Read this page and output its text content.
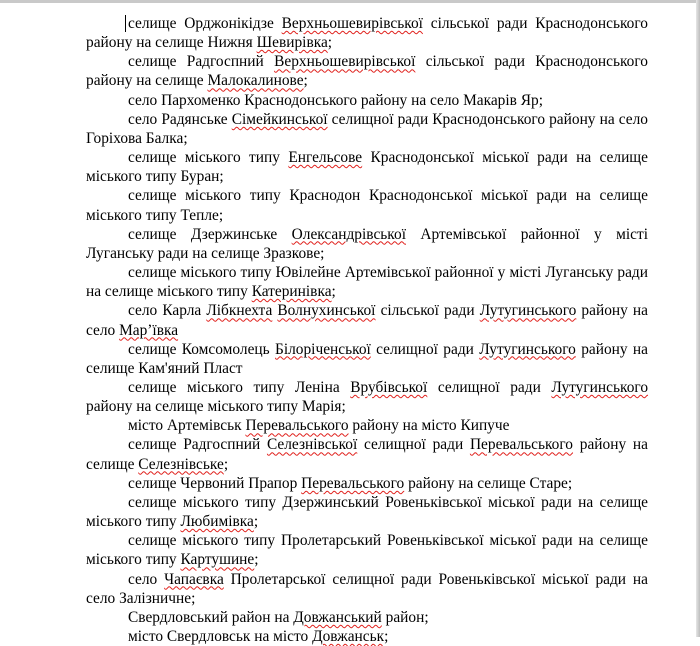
селище Орджонікідзе Верхньошевирівської сільської ради Краснодонського району на селище Нижня Шевирівка;

селище Радгоспний Верхньошевирівської сільської ради Краснодонського району на селище Малокалинове;

село Пархоменко Краснодонського району на село Макарів Яр;

село Радянське Сімейкинської селищної ради Краснодонського району на село Горіхова Балка;

селище міського типу Енгельсове Краснодонської міської ради на селище міського типу Буран;

селище міського типу Краснодон Краснодонської міської ради на селище міського типу Тепле;

селище Дзержинське Олександрівської Артемівської районної у місті Луганську ради на селище Зразкове;

селище міського типу Ювілейне Артемівської районної у місті Луганську ради на селище міського типу Катеринівка;

село Карла Лібкнехта Волнухинської сільської ради Лутугинського району на село Мар’ївка

селище Комсомолець Білоріченської селищної ради Лутугинського району на селище Кам'яний Пласт

селище міського типу Леніна Врубівської селищної ради Лутугинського району на селище міського типу Марія;

місто Артемівськ Перевальського району на місто Кипуче

селище Радгоспний Селезнівської селищної ради Перевальського району на селище Селезнівське;

селище Червоний Прапор Перевальського району на селище Старе;

селище міського типу Дзержинський Ровеньківської міської ради на селище міського типу Любимівка;

селище міського типу Пролетарський Ровеньківської міської ради на селище міського типу Картушине;

село Чапаєвка Пролетарської селищної ради Ровеньківської міської ради на село Залізничне;

Свердловський район на Довжанський район;

місто Свердловськ на місто Довжанськ;
